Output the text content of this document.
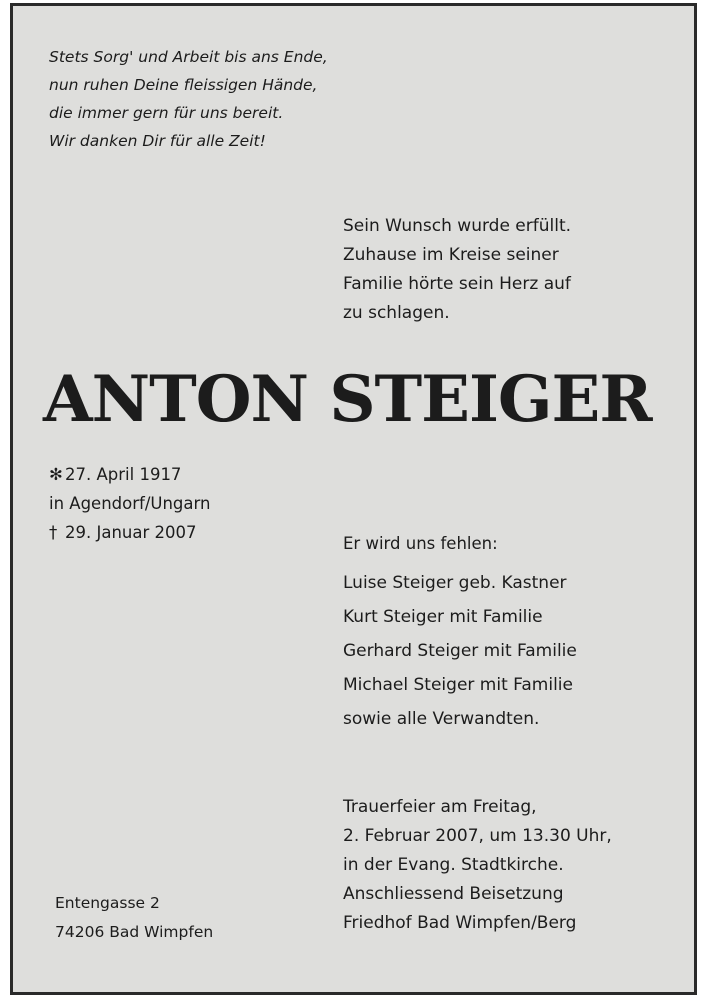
Stets Sorg' und Arbeit bis ans Ende,
nun ruhen Deine fleissigen Hände,
die immer gern für uns bereit.
Wir danken Dir für alle Zeit!
Sein Wunsch wurde erfüllt.
Zuhause im Kreise seiner
Familie hörte sein Herz auf
zu schlagen.
ANTON STEIGER
✻ 27. April 1917
in Agendorf/Ungarn
† 29. Januar 2007
Er wird uns fehlen:
Luise Steiger geb. Kastner
Kurt Steiger mit Familie
Gerhard Steiger mit Familie
Michael Steiger mit Familie
sowie alle Verwandten.
Trauerfeier am Freitag,
2. Februar 2007, um 13.30 Uhr,
in der Evang. Stadtkirche.
Anschliessend Beisetzung
Friedhof Bad Wimpfen/Berg
Entengasse 2
74206 Bad Wimpfen
